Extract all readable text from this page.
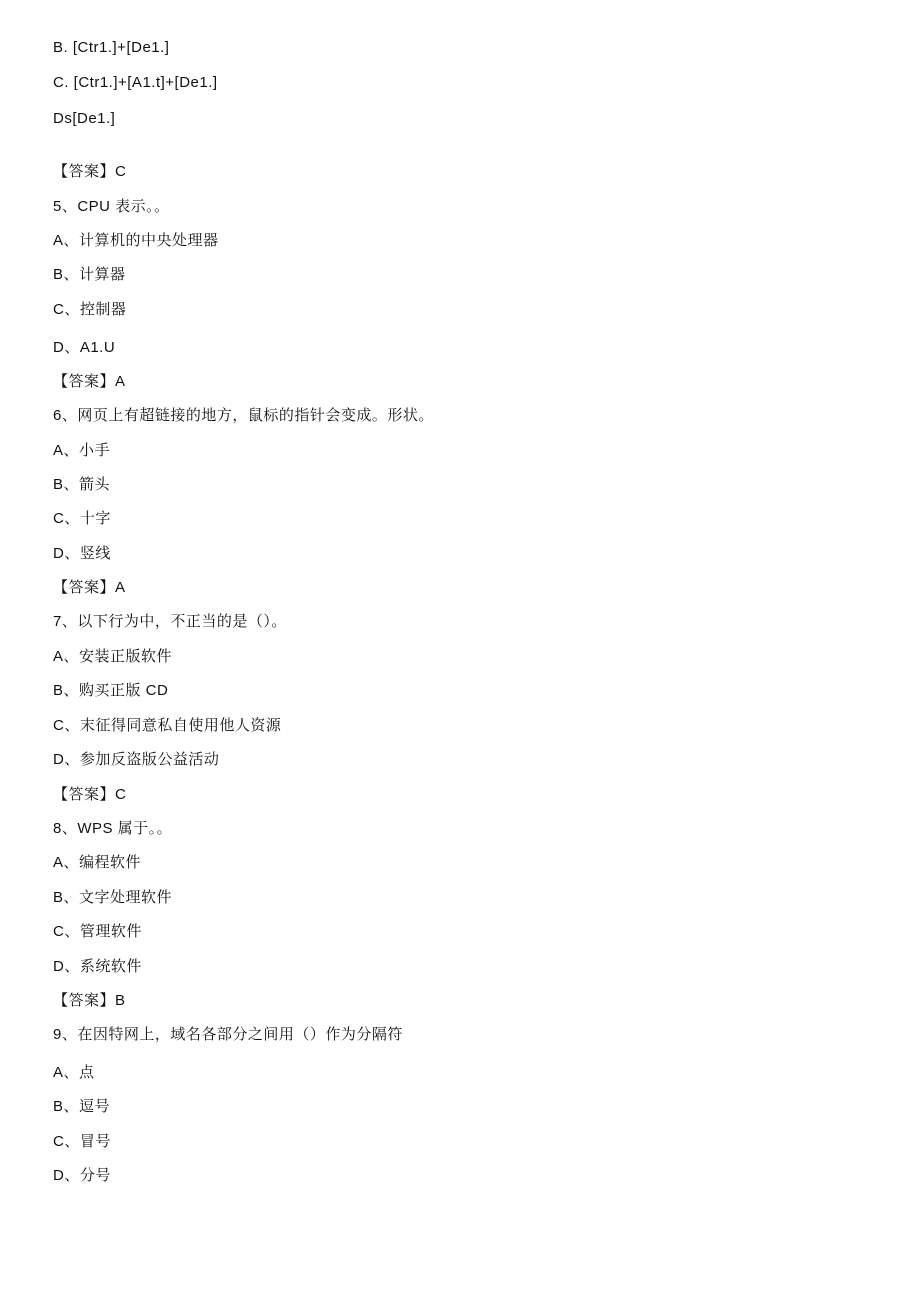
B. [Ctr1.]+[De1.]
C. [Ctr1.]+[A1.t]+[De1.]
Ds[De1.]
【答案】C
5、CPU 表示。。
A、计算机的中央处理器
B、计算器
C、控制器
D、A1.U
【答案】A
6、网页上有超链接的地方，鼠标的指针会变成。形状。
A、小手
B、箭头
C、十字
D、竖线
【答案】A
7、以下行为中，不正当的是（）。
A、安装正版软件
B、购买正版 CD
C、末征得同意私自使用他人资源
D、参加反盗版公益活动
【答案】C
8、WPS 属于。。
A、编程软件
B、文字处理软件
C、管理软件
D、系统软件
【答案】B
9、在因特网上，域名各部分之间用（）作为分隔符
A、点
B、逗号
C、冒号
D、分号
